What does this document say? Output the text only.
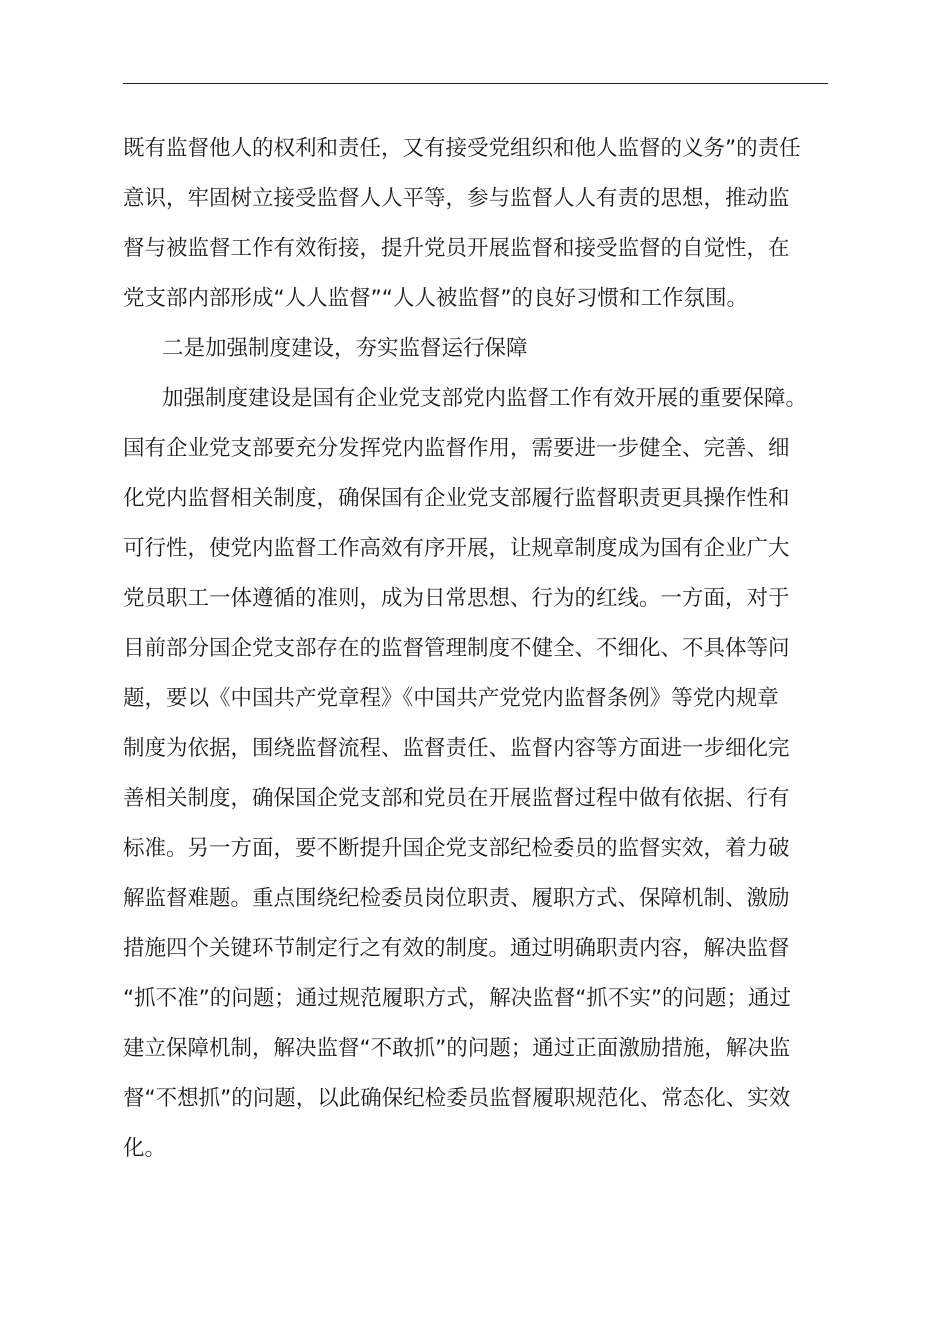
既有监督他人的权利和责任，又有接受党组织和他人监督的义务”的责任
意识，牢固树立接受监督人人平等，参与监督人人有责的思想，推动监
督与被监督工作有效衔接，提升党员开展监督和接受监督的自觉性，在
党支部内部形成“人人监督”“人人被监督”的良好习惯和工作氛围。
二是加强制度建设，夯实监督运行保障
加强制度建设是国有企业党支部党内监督工作有效开展的重要保障。
国有企业党支部要充分发挥党内监督作用，需要进一步健全、完善、细
化党内监督相关制度，确保国有企业党支部履行监督职责更具操作性和
可行性，使党内监督工作高效有序开展，让规章制度成为国有企业广大
党员职工一体遵循的准则，成为日常思想、行为的红线。一方面，对于
目前部分国企党支部存在的监督管理制度不健全、不细化、不具体等问
题，要以《中国共产党章程》《中国共产党党内监督条例》等党内规章
制度为依据，围绕监督流程、监督责任、监督内容等方面进一步细化完
善相关制度，确保国企党支部和党员在开展监督过程中做有依据、行有
标准。另一方面，要不断提升国企党支部纪检委员的监督实效，着力破
解监督难题。重点围绕纪检委员岗位职责、履职方式、保障机制、激励
措施四个关键环节制定行之有效的制度。通过明确职责内容，解决监督
“抓不准”的问题；通过规范履职方式，解决监督“抓不实”的问题；通过
建立保障机制，解决监督“不敢抓”的问题；通过正面激励措施，解决监
督“不想抓”的问题，以此确保纪检委员监督履职规范化、常态化、实效
化。
